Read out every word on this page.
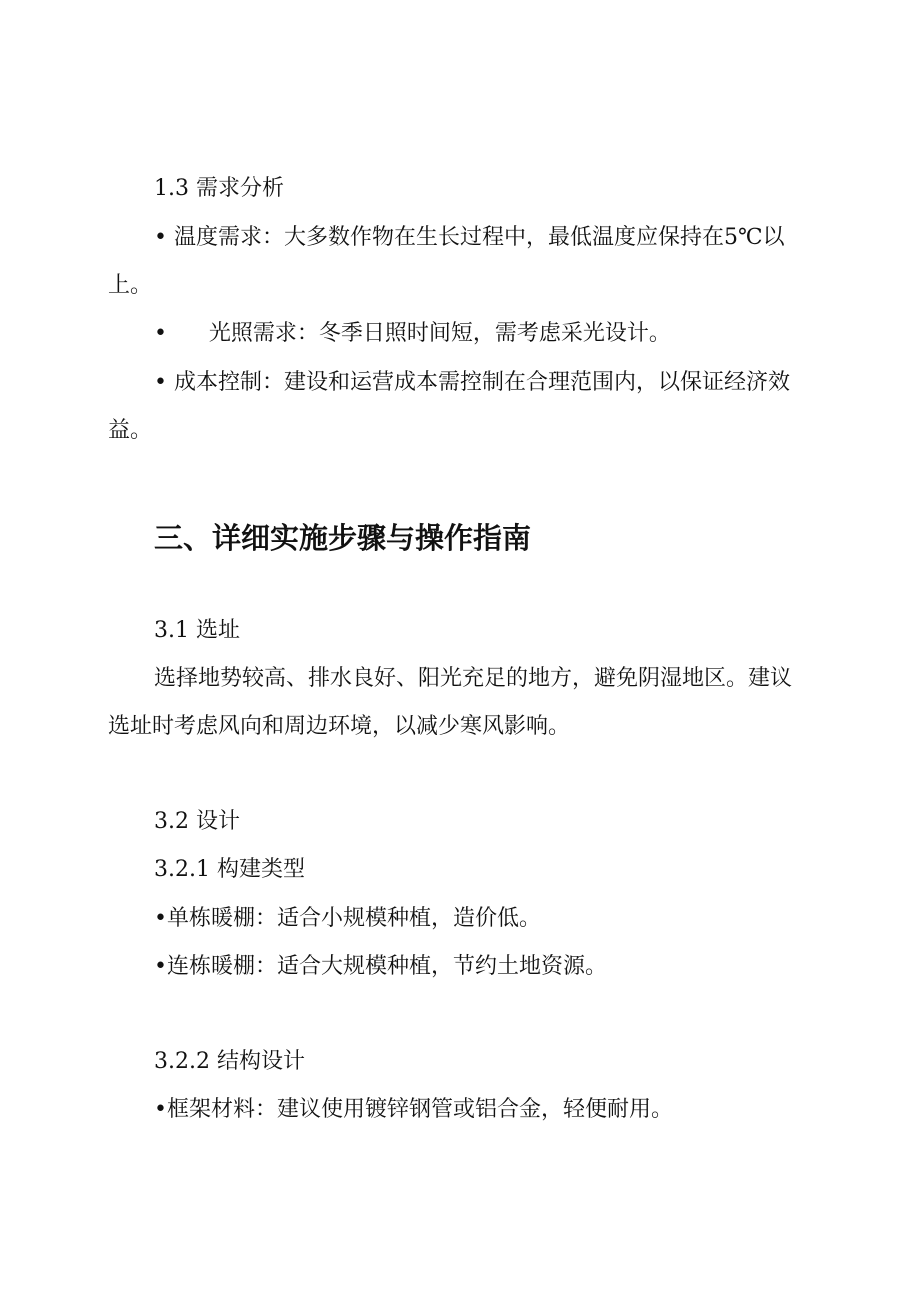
1.3 需求分析
• 温度需求：大多数作物在生长过程中，最低温度应保持在5℃以
上。
•      光照需求：冬季日照时间短，需考虑采光设计。
• 成本控制：建设和运营成本需控制在合理范围内，以保证经济效
益。
三、详细实施步骤与操作指南
3.1 选址
选择地势较高、排水良好、阳光充足的地方，避免阴湿地区。建议
选址时考虑风向和周边环境，以减少寒风影响。
3.2 设计
3.2.1 构建类型
•单栋暖棚：适合小规模种植，造价低。
•连栋暖棚：适合大规模种植，节约土地资源。
3.2.2 结构设计
•框架材料：建议使用镀锌钢管或铝合金，轻便耐用。
